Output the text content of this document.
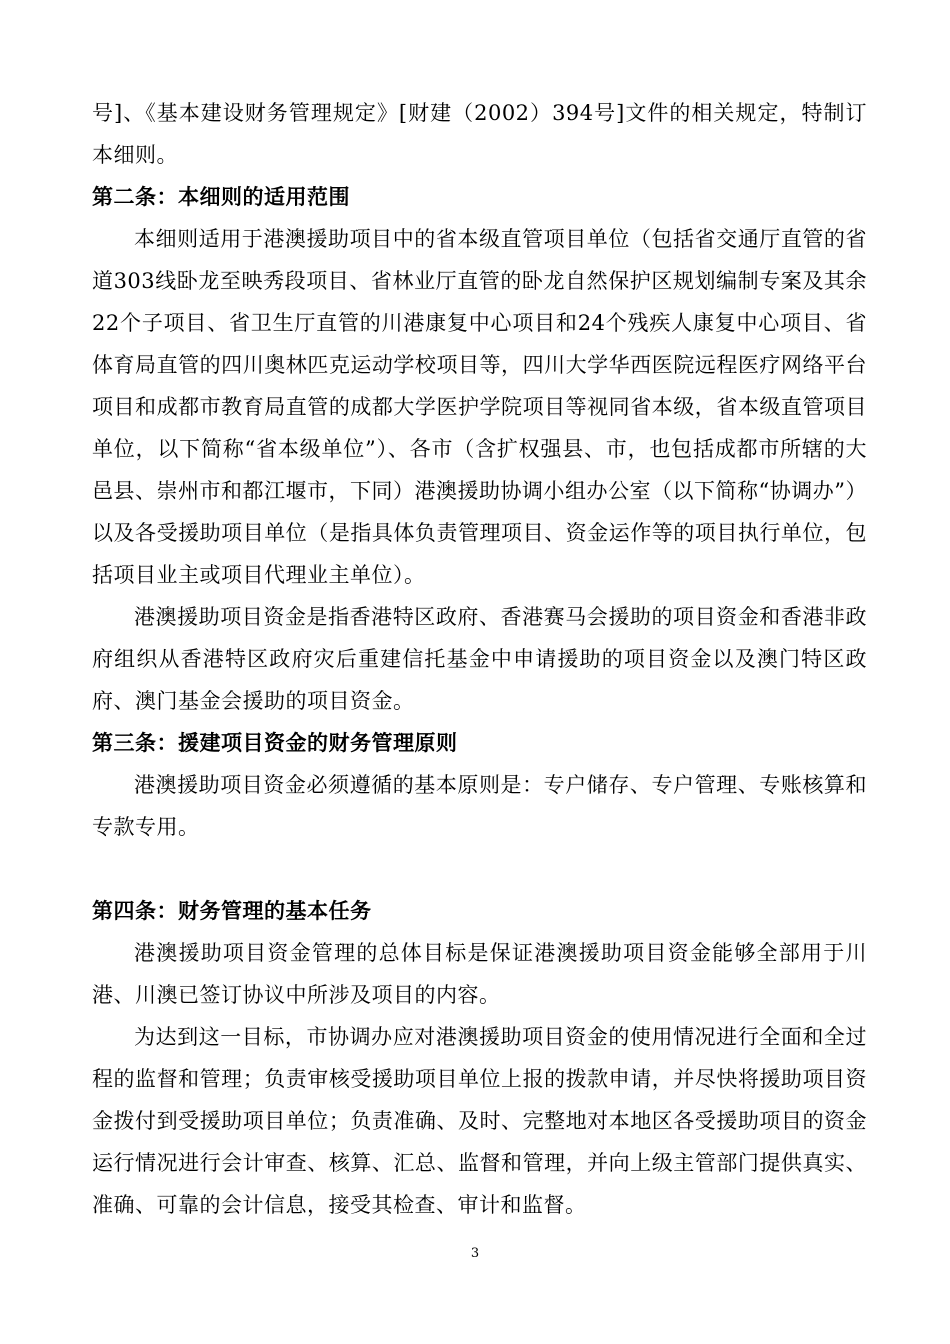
号]、《基本建设财务管理规定》[财建（2002）394号]文件的相关规定，特制订本细则。

第二条：本细则的适用范围

本细则适用于港澳援助项目中的省本级直管项目单位（包括省交通厅直管的省道303线卧龙至映秀段项目、省林业厅直管的卧龙自然保护区规划编制专案及其余22个子项目、省卫生厅直管的川港康复中心项目和24个残疾人康复中心项目、省体育局直管的四川奥林匹克运动学校项目等，四川大学华西医院远程医疗网络平台项目和成都市教育局直管的成都大学医护学院项目等视同省本级，省本级直管项目单位，以下简称“省本级单位”）、各市（含扩权强县、市，也包括成都市所辖的大邑县、崇州市和都江堰市，下同）港澳援助协调小组办公室（以下简称“协调办”）以及各受援助项目单位（是指具体负责管理项目、资金运作等的项目执行单位，包括项目业主或项目代理业主单位）。

港澳援助项目资金是指香港特区政府、香港赛马会援助的项目资金和香港非政府组织从香港特区政府灾后重建信托基金中申请援助的项目资金以及澳门特区政府、澳门基金会援助的项目资金。

第三条：援建项目资金的财务管理原则

港澳援助项目资金必须遵循的基本原则是：专户储存、专户管理、专账核算和专款专用。

第四条：财务管理的基本任务

港澳援助项目资金管理的总体目标是保证港澳援助项目资金能够全部用于川港、川澳已签订协议中所涉及项目的内容。

为达到这一目标，市协调办应对港澳援助项目资金的使用情况进行全面和全过程的监督和管理；负责审核受援助项目单位上报的拨款申请，并尽快将援助项目资金拨付到受援助项目单位；负责准确、及时、完整地对本地区各受援助项目的资金运行情况进行会计审查、核算、汇总、监督和管理，并向上级主管部门提供真实、准确、可靠的会计信息，接受其检查、审计和监督。

3
